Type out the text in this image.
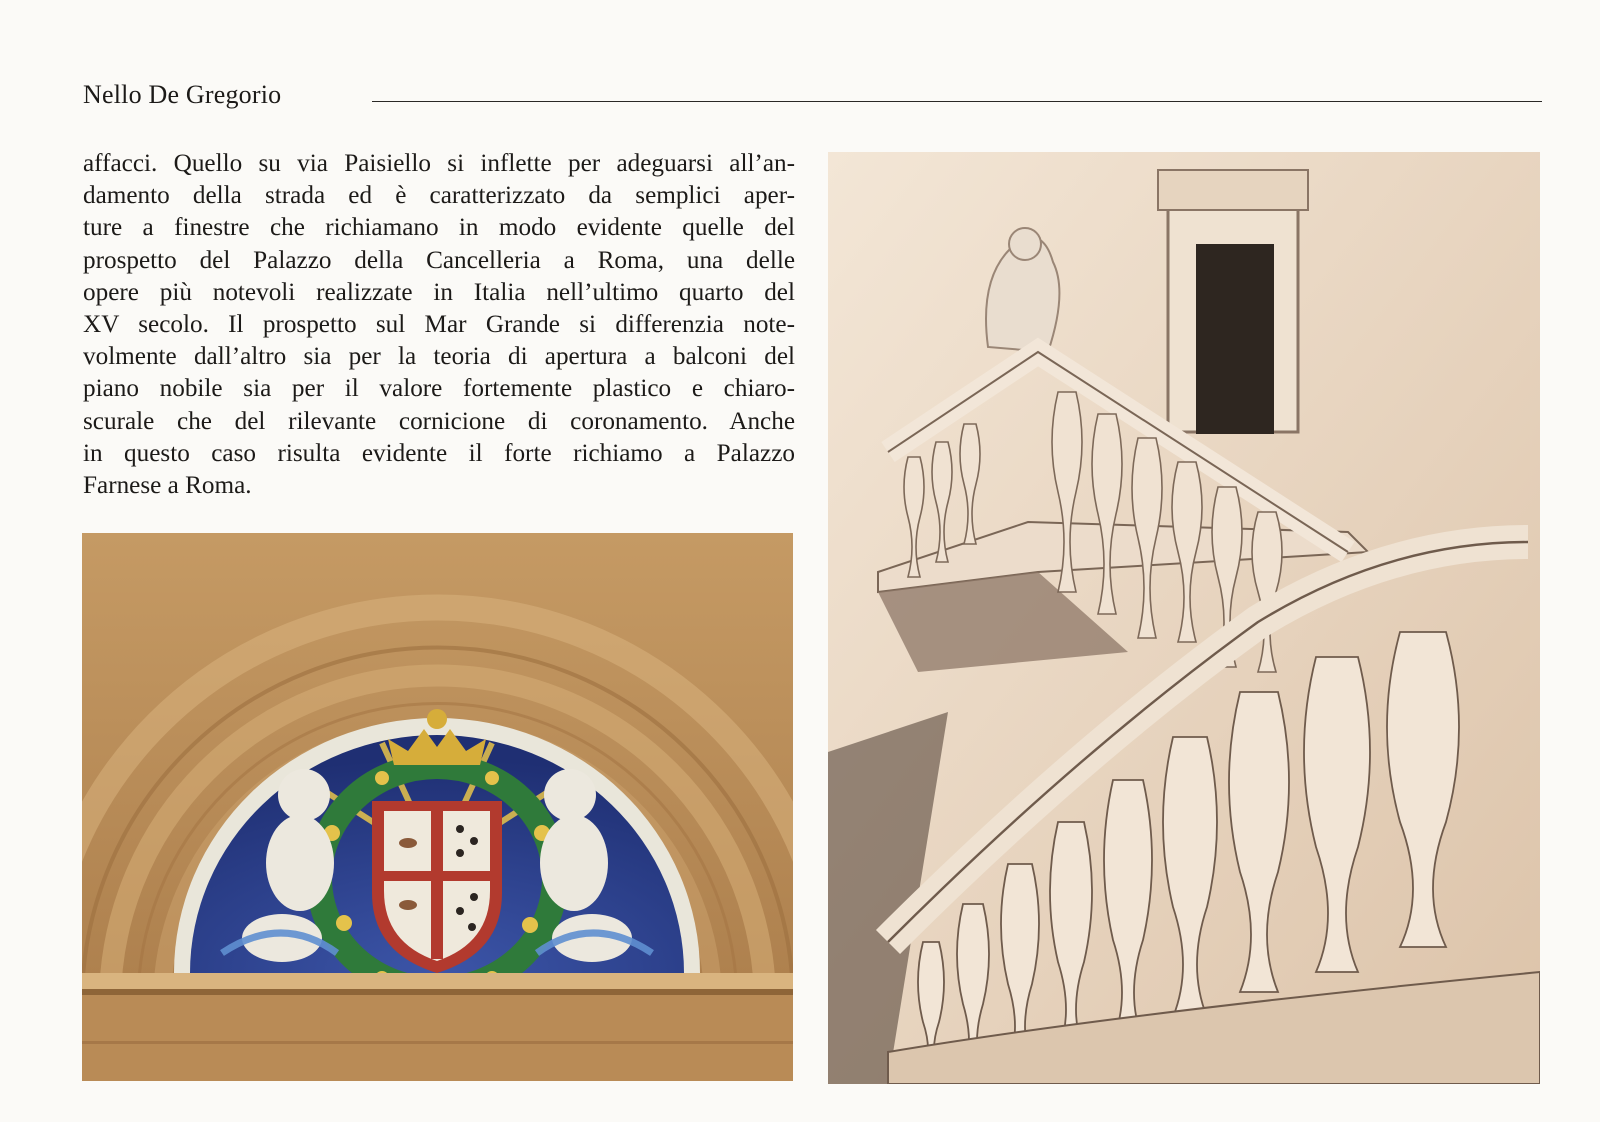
Nello De Gregorio
affacci. Quello su via Paisiello si inflette per adeguarsi all’an-
damento della strada ed è caratterizzato da semplici aper-
ture a finestre che richiamano in modo evidente quelle del
prospetto del Palazzo della Cancelleria a Roma, una delle
opere più notevoli realizzate in Italia nell’ultimo quarto del
XV secolo. Il prospetto sul Mar Grande si differenzia note-
volmente dall’altro sia per la teoria di apertura a balconi del
piano nobile sia per il valore fortemente plastico e chiaro-
scurale che del rilevante cornicione di coronamento. Anche
in questo caso risulta evidente il forte richiamo a Palazzo
Farnese a Roma.
